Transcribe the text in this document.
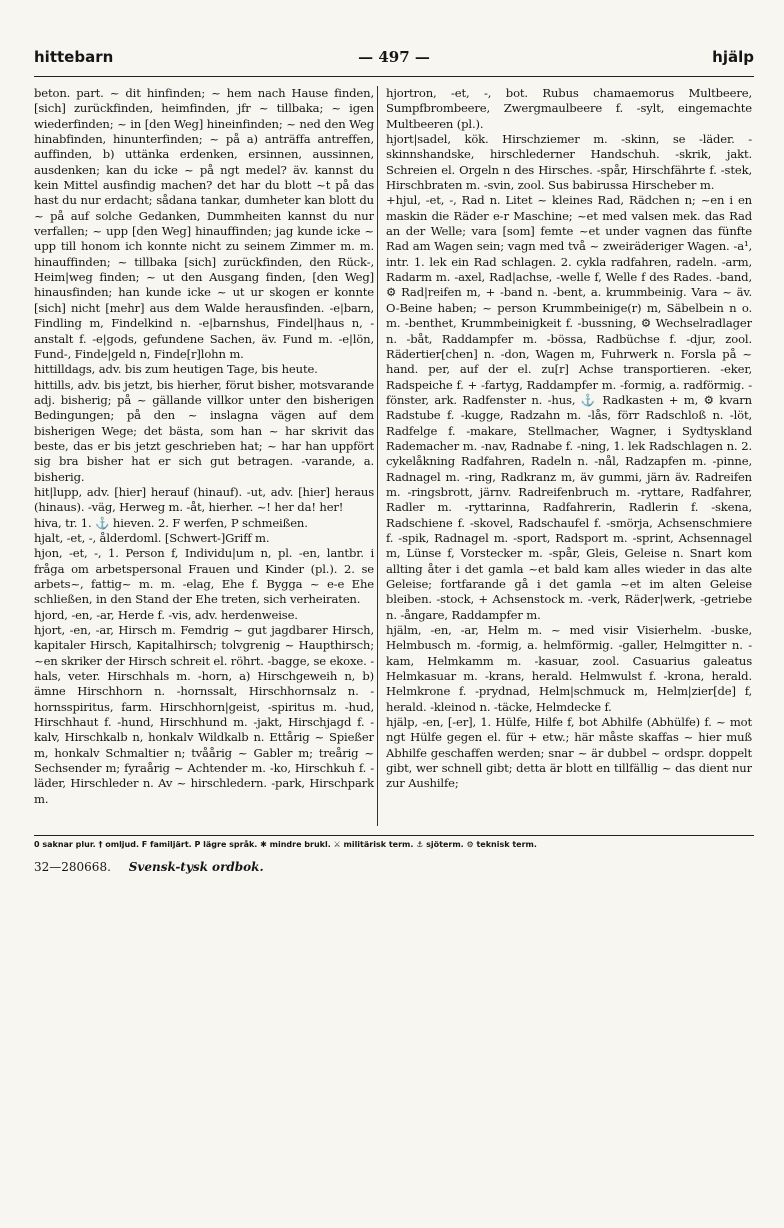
hittebarn	— 497 —	hjälp

beton. part. ~ dit hinfinden; ~ hem nach Hause finden, [sich] zurückfinden, heimfinden, jfr ~ tillbaka; ~ igen wiederfinden; ~ in [den Weg] hineinfinden; ~ ned den Weg hinabfinden, hinunterfinden; ~ på a) anträffa antreffen, auffinden, b) uttänka erdenken, ersinnen, aussinnen, ausdenken; kan du icke ~ på ngt medel? äv. kannst du kein Mittel ausfindig machen? det har du blott ~t på das hast du nur erdacht; sådana tankar, dumheter kan blott du ~ på auf solche Gedanken, Dummheiten kannst du nur verfallen; ~ upp [den Weg] hinauffinden; jag kunde icke ~ upp till honom ich konnte nicht zu seinem Zimmer m. m. hinauffinden; ~ tillbaka [sich] zurückfinden, den Rück-, Heim|weg finden; ~ ut den Ausgang finden, [den Weg] hinausfinden; han kunde icke ~ ut ur skogen er konnte [sich] nicht [mehr] aus dem Walde herausfinden. -e|barn, Findling m, Findelkind n. -e|barnshus, Findel|haus n, -anstalt f. -e|gods, gefundene Sachen, äv. Fund m. -e|lön, Fund-, Finde|geld n, Finde[r]lohn m.

hittilldags, adv. bis zum heutigen Tage, bis heute.

hittills, adv. bis jetzt, bis hierher, förut bisher, motsvarande adj. bisherig; på ~ gällande villkor unter den bisherigen Bedingungen; på den ~ inslagna vägen auf dem bisherigen Wege; det bästa, som han ~ har skrivit das beste, das er bis jetzt geschrieben hat; ~ har han uppfört sig bra bisher hat er sich gut betragen. -varande, a. bisherig.

hit|lupp, adv. [hier] herauf (hinauf). -ut, adv. [hier] heraus (hinaus). -väg, Herweg m. -åt, hierher. ~! her da! her!

hiva, tr. 1. ⚓ hieven. 2. F werfen, P schmeißen.

hjalt, -et, -, ålderdoml. [Schwert-]Griff m.

hjon, -et, -, 1. Person f, Individu|um n, pl. -en, lantbr. i fråga om arbetspersonal Frauen und Kinder (pl.). 2. se arbets~, fattig~ m. m. -elag, Ehe f. Bygga ~ e-e Ehe schließen, in den Stand der Ehe treten, sich verheiraten.

hjord, -en, -ar, Herde f. -vis, adv. herdenweise.

hjort, -en, -ar, Hirsch m. Femdrig ~ gut jagdbarer Hirsch, kapitaler Hirsch, Kapitalhirsch; tolvgrenig ~ Haupthirsch; ~en skriker der Hirsch schreit el. röhrt. -bagge, se ekoxe. -hals, veter. Hirschhals m. -horn, a) Hirschgeweih n, b) ämne Hirschhorn n. -hornssalt, Hirschhornsalz n. -hornsspiritus, farm. Hirschhorn|geist, -spiritus m. -hud, Hirschhaut f. -hund, Hirschhund m. -jakt, Hirschjagd f. -kalv, Hirschkalb n, honkalv Wildkalb n. Ettårig ~ Spießer m, honkalv Schmaltier n; tvåårig ~ Gabler m; treårig ~ Sechsender m; fyraårig ~ Achtender m. -ko, Hirschkuh f. -läder, Hirschleder n. Av ~ hirschledern. -park, Hirschpark m.

hjortron, -et, -, bot. Rubus chamaemorus Multbeere, Sumpfbrombeere, Zwergmaulbeere f. -sylt, eingemachte Multbeeren (pl.).

hjort|sadel, kök. Hirschziemer m. -skinn, se -läder. -skinnshandske, hirschlederner Handschuh. -skrik, jakt. Schreien el. Orgeln n des Hirsches. -spår, Hirschfährte f. -stek, Hirschbraten m. -svin, zool. Sus babirussa Hirscheber m.

+hjul, -et, -, Rad n. Litet ~ kleines Rad, Rädchen n; ~en i en maskin die Räder e-r Maschine; ~et med valsen mek. das Rad an der Welle; vara [som] femte ~et under vagnen das fünfte Rad am Wagen sein; vagn med två ~ zweiräderiger Wagen. -a¹, intr. 1. lek ein Rad schlagen. 2. cykla radfahren, radeln. -arm, Radarm m. -axel, Rad|achse, -welle f, Welle f des Rades. -band, ⚙ Rad|reifen m, + -band n. -bent, a. krummbeinig. Vara ~ äv. O-Beine haben; ~ person Krummbeinige(r) m, Säbelbein n o. m. -benthet, Krummbeinigkeit f. -bussning, ⚙ Wechselradlager n. -båt, Raddampfer m. -bössa, Radbüchse f. -djur, zool. Rädertier[chen] n. -don, Wagen m, Fuhrwerk n. Forsla på ~ hand. per, auf der el. zu[r] Achse transportieren. -eker, Radspeiche f. + -fartyg, Raddampfer m. -formig, a. radförmig. -fönster, ark. Radfenster n. -hus, ⚓ Radkasten + m, ⚙ kvarn Radstube f. -kugge, Radzahn m. -lås, förr Radschloß n. -löt, Radfelge f. -makare, Stellmacher, Wagner, i Sydtyskland Rademacher m. -nav, Radnabe f. -ning, 1. lek Radschlagen n. 2. cykelåkning Radfahren, Radeln n. -nål, Radzapfen m. -pinne, Radnagel m. -ring, Radkranz m, äv gummi, järn äv. Radreifen m. -ringsbrott, järnv. Radreifenbruch m. -ryttare, Radfahrer, Radler m. -ryttarinna, Radfahrerin, Radlerin f. -skena, Radschiene f. -skovel, Radschaufel f. -smörja, Achsenschmiere f. -spik, Radnagel m. -sport, Radsport m. -sprint, Achsennagel m, Lünse f, Vorstecker m. -spår, Gleis, Geleise n. Snart kom allting åter i det gamla ~et bald kam alles wieder in das alte Geleise; fortfarande gå i det gamla ~et im alten Geleise bleiben. -stock, + Achsenstock m. -verk, Räder|werk, -getriebe n. -ångare, Raddampfer m.

hjälm, -en, -ar, Helm m. ~ med visir Visierhelm. -buske, Helmbusch m. -formig, a. helmförmig. -galler, Helmgitter n. -kam, Helmkamm m. -kasuar, zool. Casuarius galeatus Helmkasuar m. -krans, herald. Helmwulst f. -krona, herald. Helmkrone f. -prydnad, Helm|schmuck m, Helm|zier[de] f, herald. -kleinod n. -täcke, Helmdecke f.

hjälp, -en, [-er], 1. Hülfe, Hilfe f, bot Abhilfe (Abhülfe) f. ~ mot ngt Hülfe gegen el. für + etw.; här måste skaffas ~ hier muß Abhilfe geschaffen werden; snar ~ är dubbel ~ ordspr. doppelt gibt, wer schnell gibt; detta är blott en tillfällig ~ das dient nur zur Aushilfe;

0 saknar plur. † omljud. F familjärt. P lägre språk. ✱ mindre brukl. ⚔ militärisk term. ⚓ sjöterm. ⚙ teknisk term.
32—280668. Svensk-tysk ordbok.
